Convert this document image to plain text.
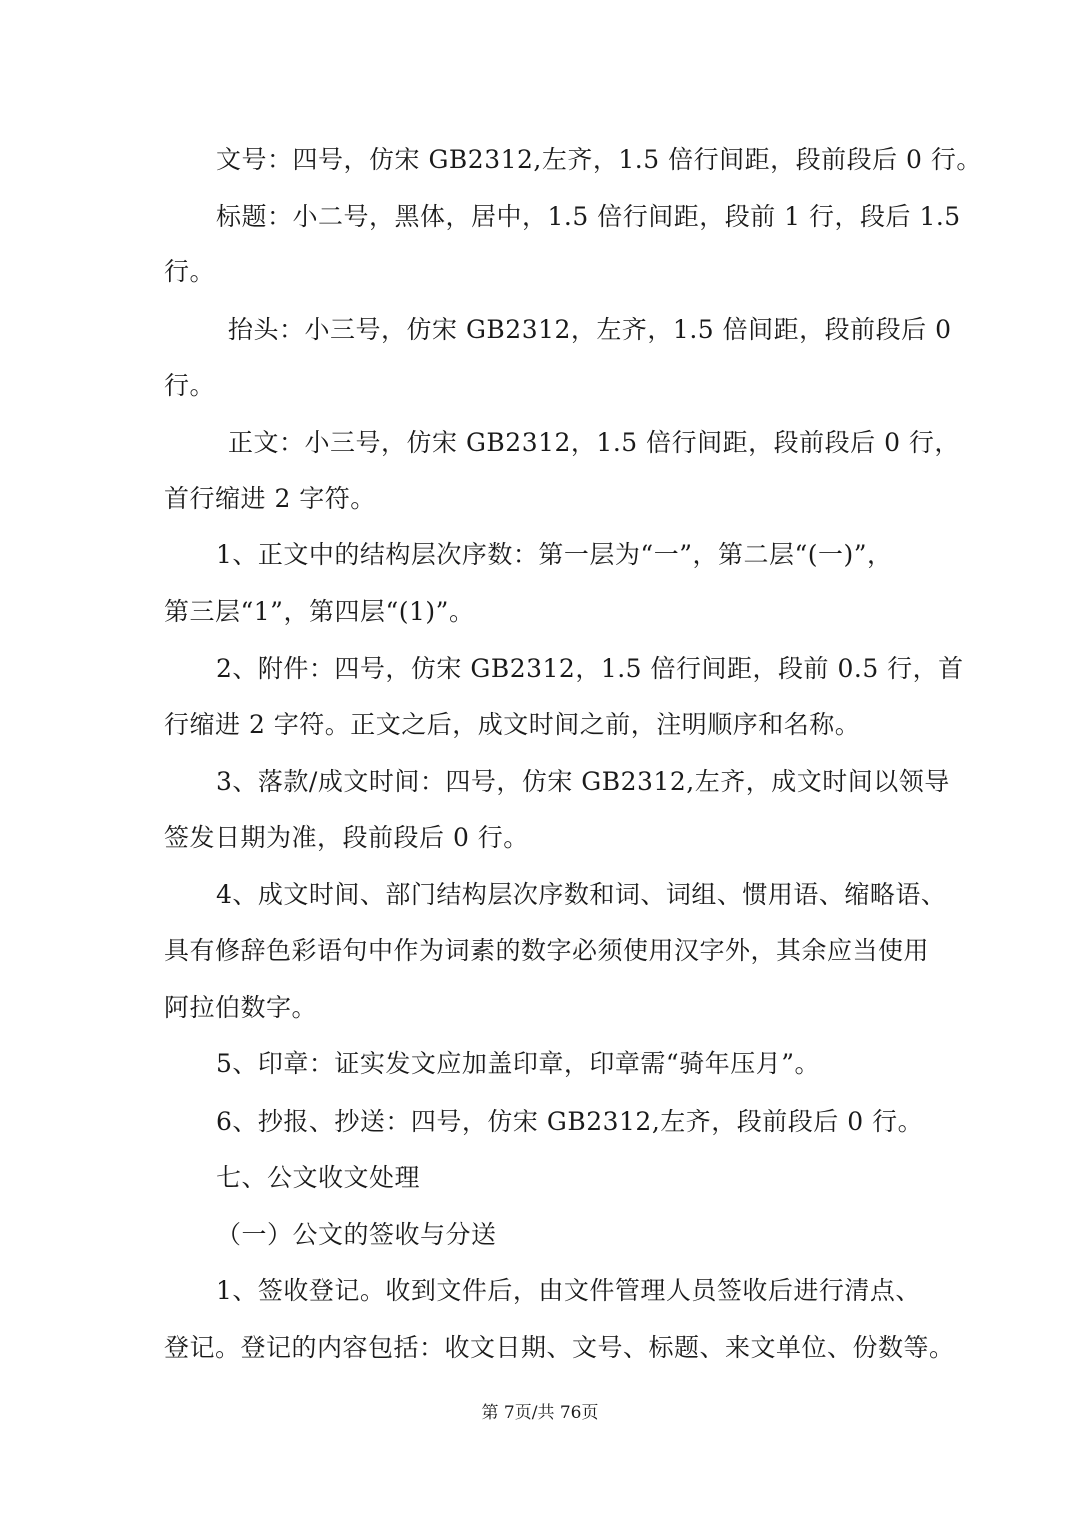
文号：四号，仿宋 GB2312,左齐，1.5 倍行间距，段前段后 0 行。
标题：小二号，黑体，居中，1.5 倍行间距，段前 1 行，段后 1.5
行。
抬头：小三号，仿宋 GB2312，左齐，1.5 倍间距，段前段后 0
行。
正文：小三号，仿宋 GB2312，1.5 倍行间距，段前段后 0 行，
首行缩进 2 字符。
1、正文中的结构层次序数：第一层为“一”，第二层“(一)”，
第三层“1”，第四层“(1)”。
2、附件：四号，仿宋 GB2312，1.5 倍行间距，段前 0.5 行，首
行缩进 2 字符。正文之后，成文时间之前，注明顺序和名称。
3、落款/成文时间：四号，仿宋 GB2312,左齐，成文时间以领导
签发日期为准，段前段后 0 行。
4、成文时间、部门结构层次序数和词、词组、惯用语、缩略语、
具有修辞色彩语句中作为词素的数字必须使用汉字外，其余应当使用
阿拉伯数字。
5、印章：证实发文应加盖印章，印章需“骑年压月”。
6、抄报、抄送：四号，仿宋 GB2312,左齐，段前段后 0 行。
七、公文收文处理
（一）公文的签收与分送
1、签收登记。收到文件后，由文件管理人员签收后进行清点、
登记。登记的内容包括：收文日期、文号、标题、来文单位、份数等。
第 7页/共 76页
